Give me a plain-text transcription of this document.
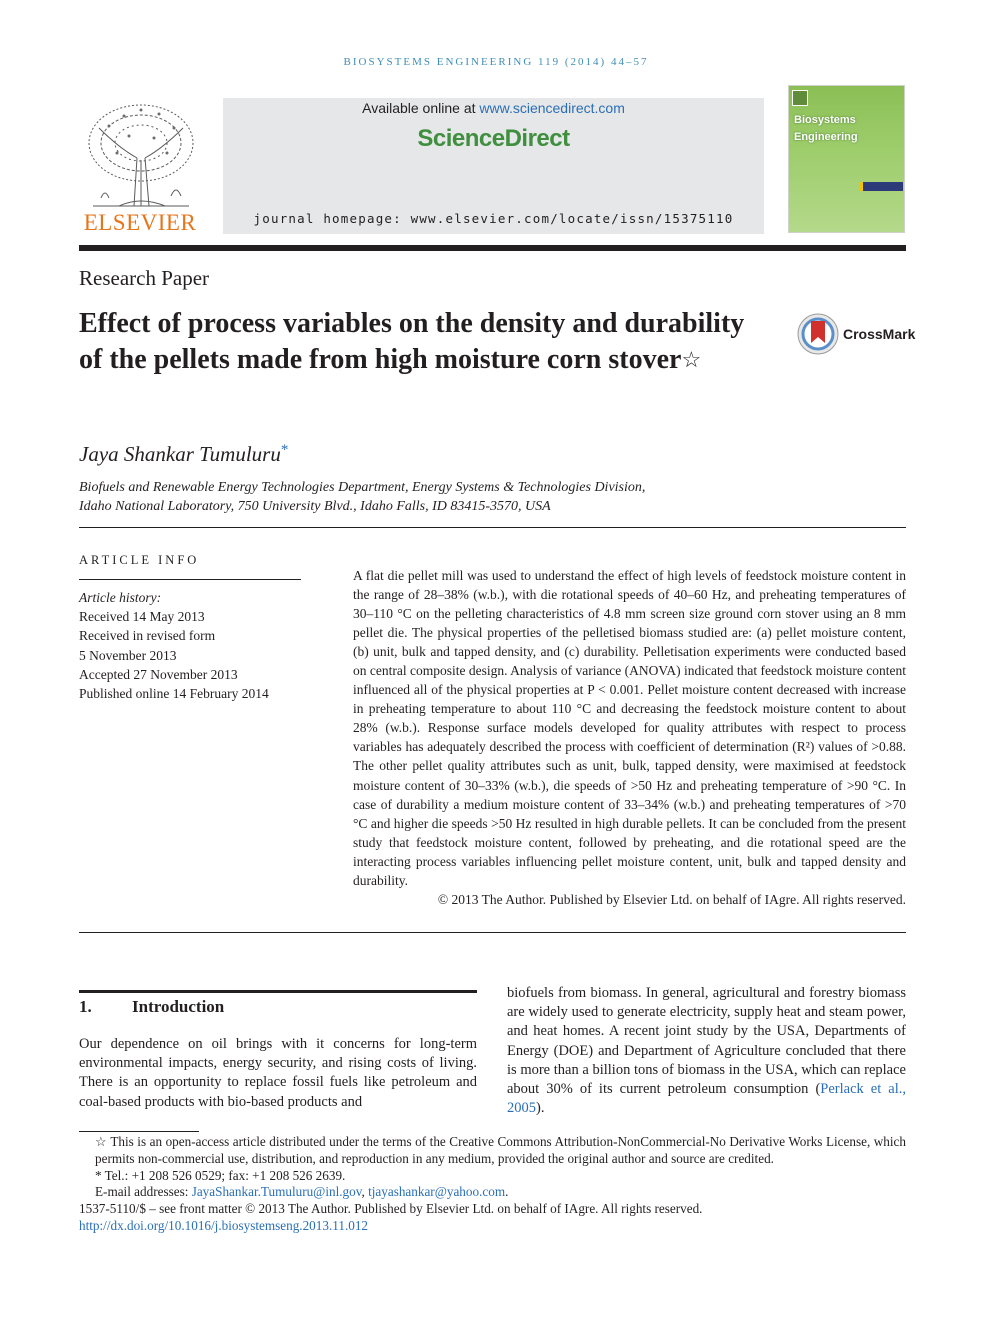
BIOSYSTEMS ENGINEERING 119 (2014) 44–57
ELSEVIER
Available online at www.sciencedirect.com
ScienceDirect
journal homepage: www.elsevier.com/locate/issn/15375110
Biosystems
Engineering
Research Paper
Effect of process variables on the density and durability of the pellets made from high moisture corn stover☆
CrossMark
Jaya Shankar Tumuluru*
Biofuels and Renewable Energy Technologies Department, Energy Systems & Technologies Division,
Idaho National Laboratory, 750 University Blvd., Idaho Falls, ID 83415-3570, USA
ARTICLE INFO
Article history:
Received 14 May 2013
Received in revised form
5 November 2013
Accepted 27 November 2013
Published online 14 February 2014
A flat die pellet mill was used to understand the effect of high levels of feedstock moisture content in the range of 28–38% (w.b.), with die rotational speeds of 40–60 Hz, and preheating temperatures of 30–110 °C on the pelleting characteristics of 4.8 mm screen size ground corn stover using an 8 mm pellet die. The physical properties of the pelletised biomass studied are: (a) pellet moisture content, (b) unit, bulk and tapped density, and (c) durability. Pelletisation experiments were conducted based on central composite design. Analysis of variance (ANOVA) indicated that feedstock moisture content influenced all of the physical properties at P < 0.001. Pellet moisture content decreased with increase in preheating temperature to about 110 °C and decreasing the feedstock moisture content to about 28% (w.b.). Response surface models developed for quality attributes with respect to process variables has adequately described the process with coefficient of determination (R²) values of >0.88. The other pellet quality attributes such as unit, bulk, tapped density, were maximised at feedstock moisture content of 30–33% (w.b.), die speeds of >50 Hz and preheating temperature of >90 °C. In case of durability a medium moisture content of 33–34% (w.b.) and preheating temperatures of >70 °C and higher die speeds >50 Hz resulted in high durable pellets. It can be concluded from the present study that feedstock moisture content, followed by preheating, and die rotational speed are the interacting process variables influencing pellet moisture content, unit, bulk and tapped density and durability.
© 2013 The Author. Published by Elsevier Ltd. on behalf of IAgre. All rights reserved.
1. Introduction
Our dependence on oil brings with it concerns for long-term environmental impacts, energy security, and rising costs of living. There is an opportunity to replace fossil fuels like petroleum and coal-based products with bio-based products and
biofuels from biomass. In general, agricultural and forestry biomass are widely used to generate electricity, supply heat and steam power, and heat homes. A recent joint study by the USA, Departments of Energy (DOE) and Department of Agriculture concluded that there is more than a billion tons of biomass in the USA, which can replace about 30% of its current petroleum consumption (Perlack et al., 2005).

☆ This is an open-access article distributed under the terms of the Creative Commons Attribution-NonCommercial-No Derivative Works License, which permits non-commercial use, distribution, and reproduction in any medium, provided the original author and source are credited.

* Tel.: +1 208 526 0529; fax: +1 208 526 2639.

E-mail addresses: JayaShankar.Tumuluru@inl.gov, tjayashankar@yahoo.com.

1537-5110/$ – see front matter © 2013 The Author. Published by Elsevier Ltd. on behalf of IAgre. All rights reserved.

http://dx.doi.org/10.1016/j.biosystemseng.2013.11.012
